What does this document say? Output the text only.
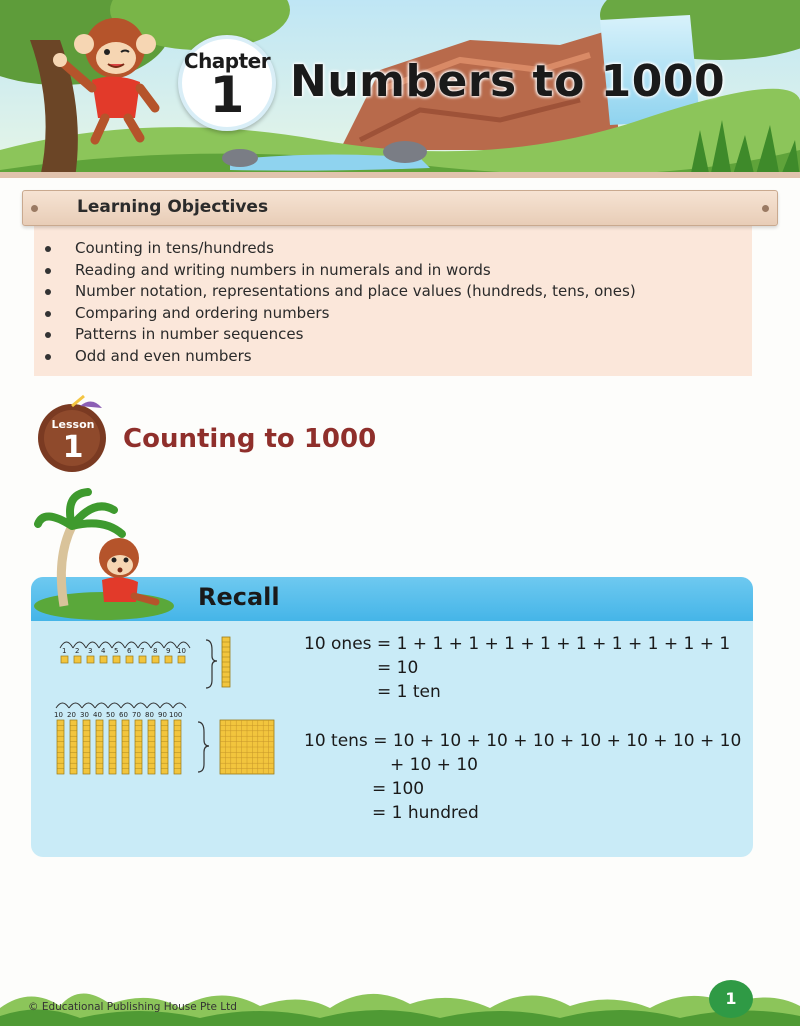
Chapter
1	Numbers to 1000
Learning Objectives
Counting in tens/hundreds
Reading and writing numbers in numerals and in words
Number notation, representations and place values (hundreds, tens, ones)
Comparing and ordering numbers
Patterns in number sequences
Odd and even numbers
Lesson
1	Counting to 1000
Recall
1 2 3 4 5 6 7 8 9 10
10 20 30 40 50 60 70 80 90 100
10 ones = 1 + 1 + 1 + 1 + 1 + 1 + 1 + 1 + 1 + 1
= 10
= 1 ten
10 tens = 10 + 10 + 10 + 10 + 10 + 10 + 10 + 10
+ 10 + 10
= 100
= 1 hundred
© Educational Publishing House Pte Ltd	1
